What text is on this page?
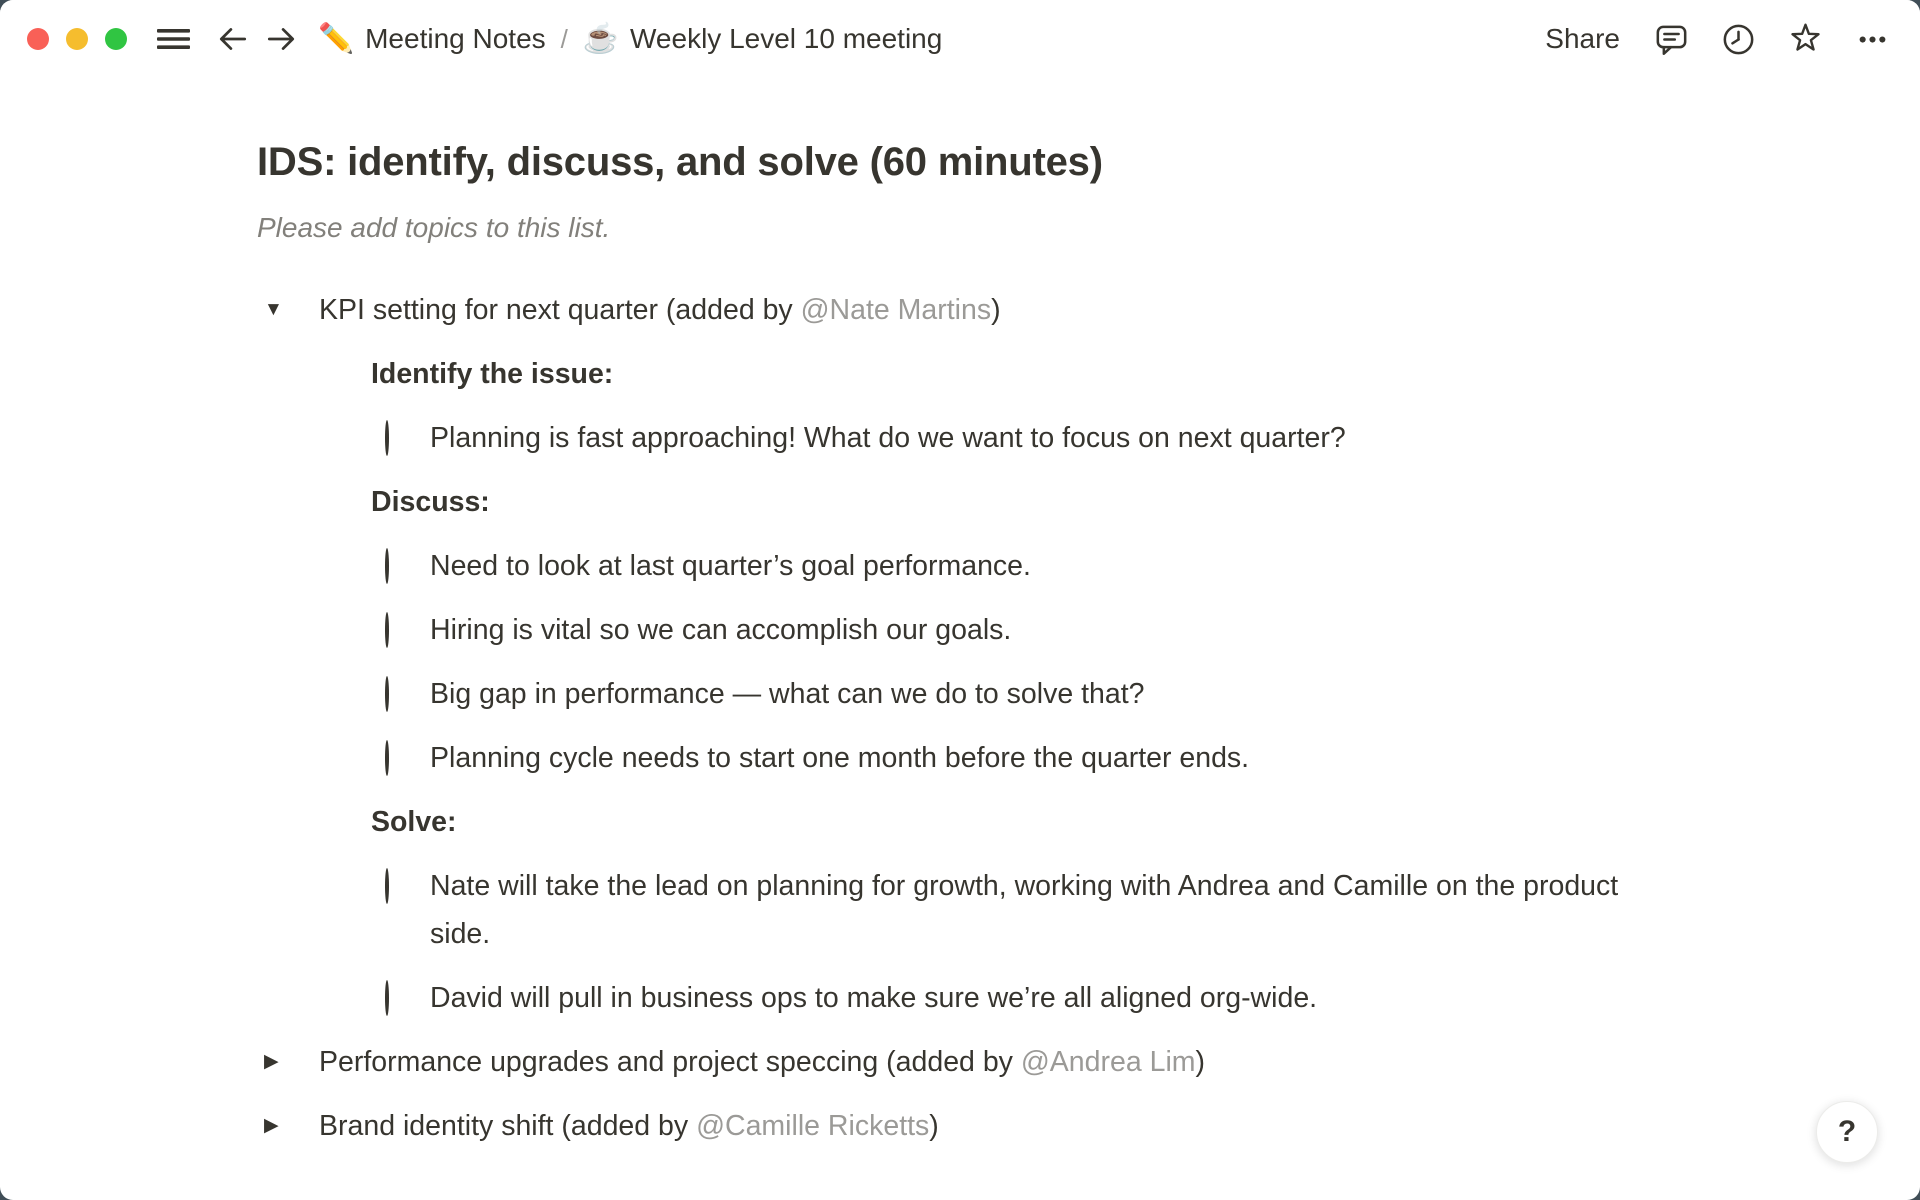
✏️ Meeting Notes / ☕ Weekly Level 10 meeting	Share
IDS: identify, discuss, and solve (60 minutes)

Please add topics to this list.

▼	KPI setting for next quarter (added by @Nate Martins)
Identify the issue:
Planning is fast approaching! What do we want to focus on next quarter?
Discuss:
Need to look at last quarter’s goal performance.
Hiring is vital so we can accomplish our goals.
Big gap in performance — what can we do to solve that?
Planning cycle needs to start one month before the quarter ends.
Solve:
Nate will take the lead on planning for growth, working with Andrea and Camille on the product side.
David will pull in business ops to make sure we’re all aligned org-wide.
▶	Performance upgrades and project speccing (added by @Andrea Lim)
▶	Brand identity shift (added by @Camille Ricketts)	?
